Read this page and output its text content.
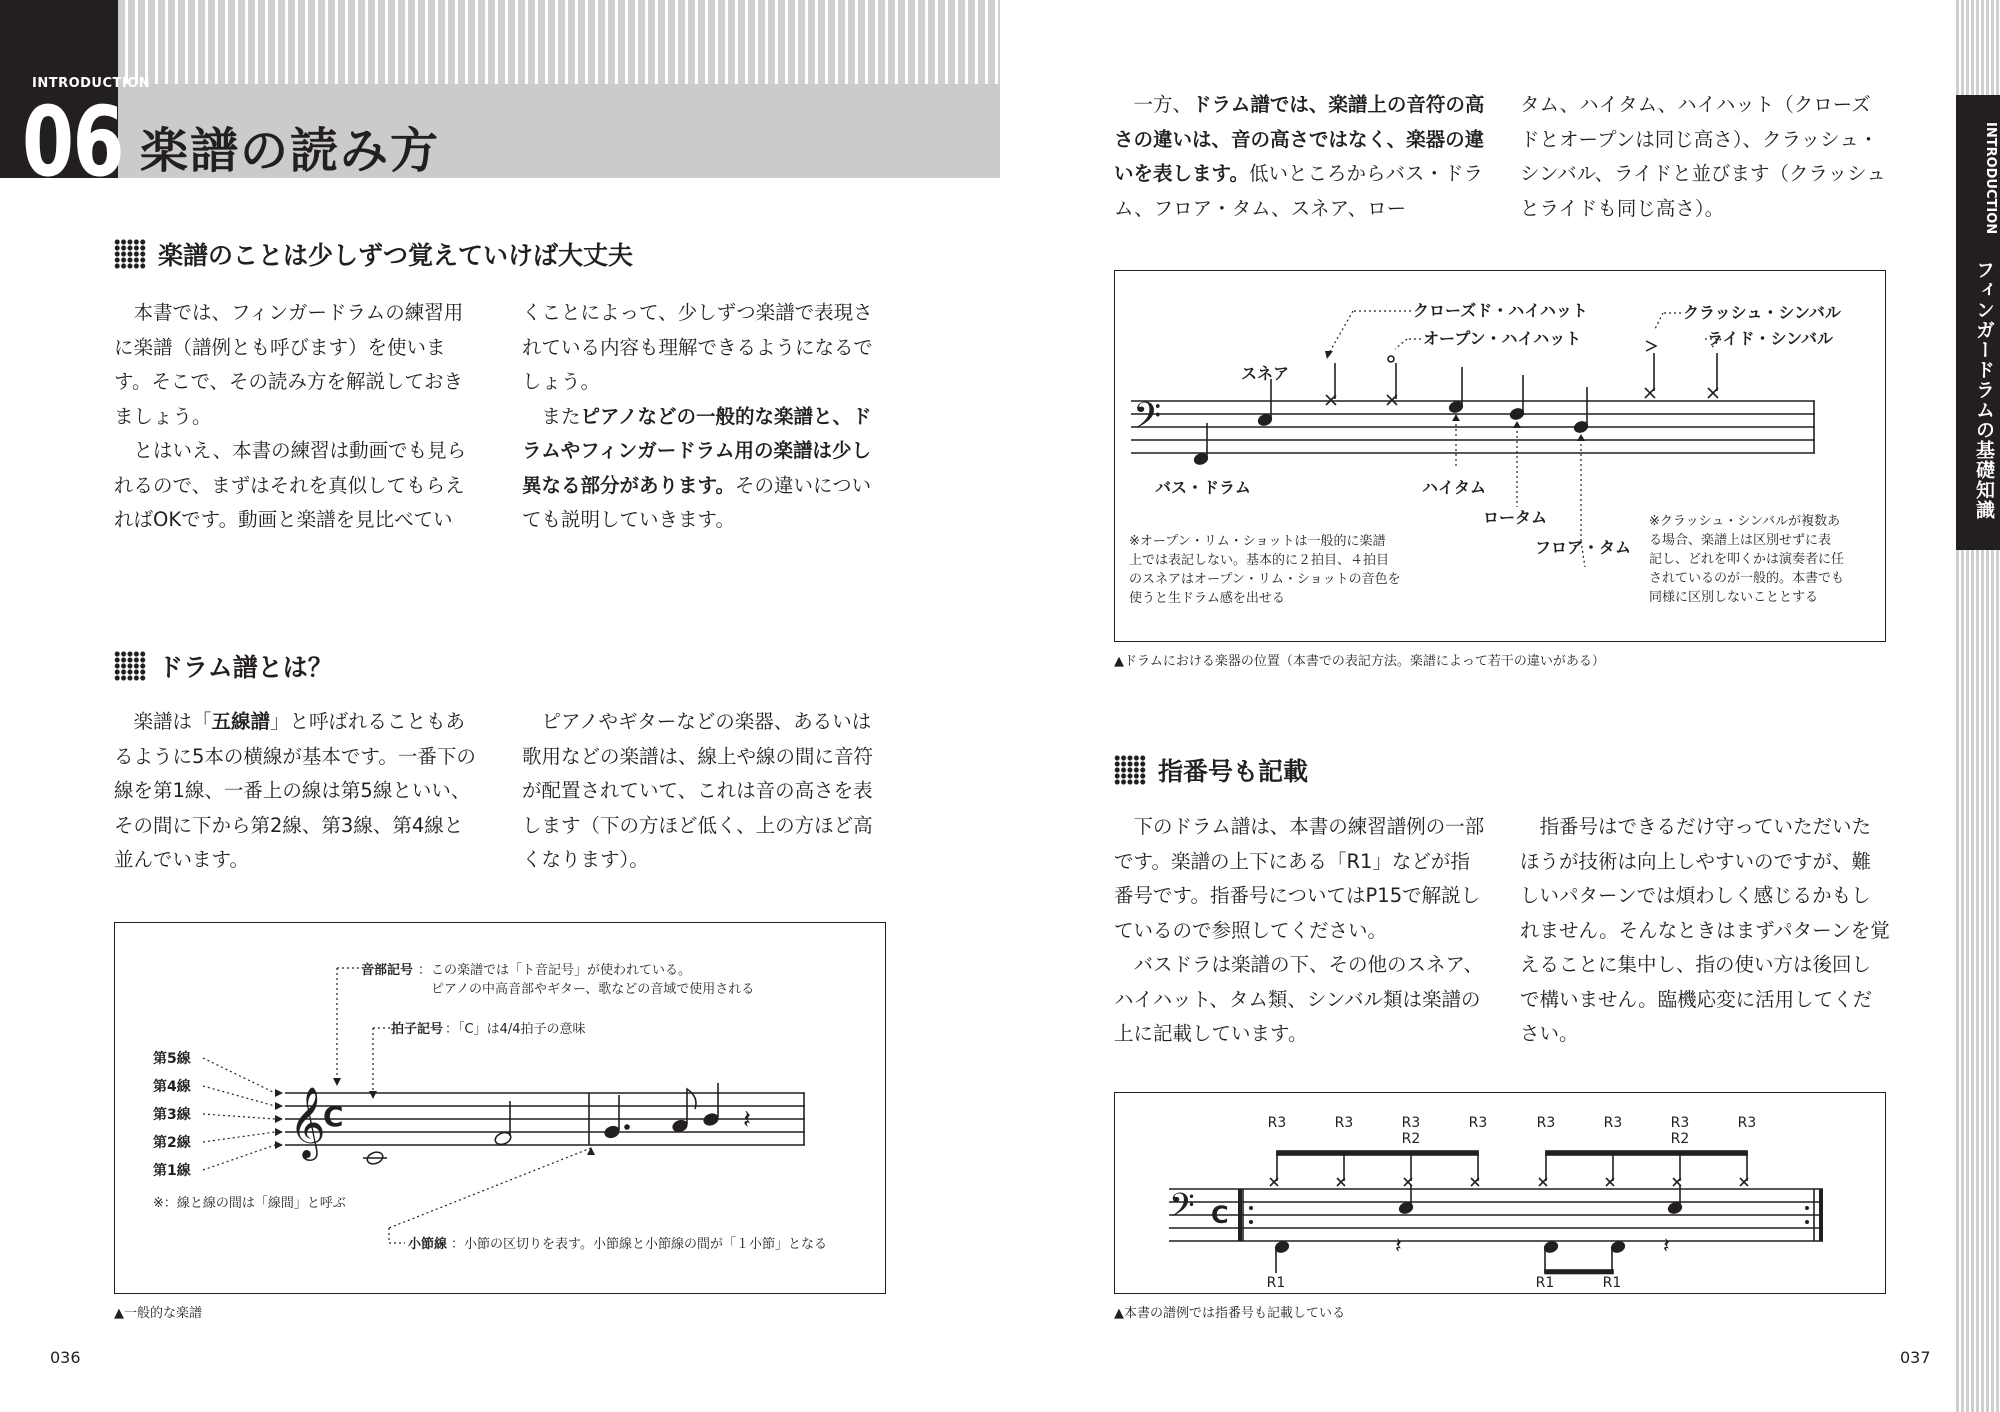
INTRODUCTION
06 楽譜の読み方
楽譜のことは少しずつ覚えていけば大丈夫

本書では、フィンガードラムの練習用に楽譜（譜例とも呼びます）を使います。そこで、その読み方を解説しておきましょう。

とはいえ、本書の練習は動画でも見られるので、まずはそれを真似してもらえればOKです。動画と楽譜を見比べてい

くことによって、少しずつ楽譜で表現されている内容も理解できるようになるでしょう。

またピアノなどの一般的な楽譜と、ドラムやフィンガードラム用の楽譜は少し異なる部分があります。その違いについても説明していきます。

ドラム譜とは？

楽譜は「五線譜」と呼ばれることもあるように5本の横線が基本です。一番下の線を第1線、一番上の線は第5線といい、その間に下から第2線、第3線、第4線と並んでいます。

ピアノやギターなどの楽器、あるいは歌用などの楽譜は、線上や線の間に音符が配置されていて、これは音の高さを表します（下の方ほど低く、上の方ほど高くなります）。

𝄞
C	𝄽
音部記号 ：この楽譜では「ト音記号」が使われている。
ピアノの中高音部やギター、歌などの音域で使用される
拍子記号 ：「C」は4/4拍子の意味
第5線
第4線
第3線
第2線
第1線
※：線と線の間は「線間」と呼ぶ
小節線 ：小節の区切りを表す。小節線と小節線の間が「１小節」となる
▲一般的な楽譜

一方、ドラム譜では、楽譜上の音符の高さの違いは、音の高さではなく、楽器の違いを表します。低いところからバス・ドラム、フロア・タム、スネア、ロー

タム、ハイタム、ハイハット（クローズドとオープンは同じ高さ）、クラッシュ・シンバル、ライドと並びます（クラッシュとライドも同じ高さ）。

𝄢
クローズド・ハイハット
オープン・ハイハット
クラッシュ・シンバル
ライド・シンバル
スネア
バス・ドラム	ハイタム
ロータム
フロア・タム
※オープン・リム・ショットは一般的に楽譜
上では表記しない。基本的に２拍目、４拍目
のスネアはオープン・リム・ショットの音色を
使うと生ドラム感を出せる
※クラッシュ・シンバルが複数あ
る場合、楽譜上は区別せずに表
記し、どれを叩くかは演奏者に任
されているのが一般的。本書でも
同様に区別しないこととする
▲ドラムにおける楽器の位置（本書での表記方法。楽譜によって若干の違いがある）
指番号も記載

下のドラム譜は、本書の練習譜例の一部です。楽譜の上下にある「R1」などが指番号です。指番号についてはP15で解説しているので参照してください。

バスドラは楽譜の下、その他のスネア、ハイハット、タム類、シンバル類は楽譜の上に記載しています。

指番号はできるだけ守っていただいたほうが技術は向上しやすいのですが、難しいパターンでは煩わしく感じるかもしれません。そんなときはまずパターンを覚えることに集中し、指の使い方は後回しで構いません。臨機応変に活用してください。

𝄢 C
𝄽	𝄽
R3	R3	R3	R3	R3	R3	R3	R3
R2	R2
R1	R1	R1
▲本書の譜例では指番号も記載している
036	037
INTRODUCTION
フィンガードラムの基礎知識
